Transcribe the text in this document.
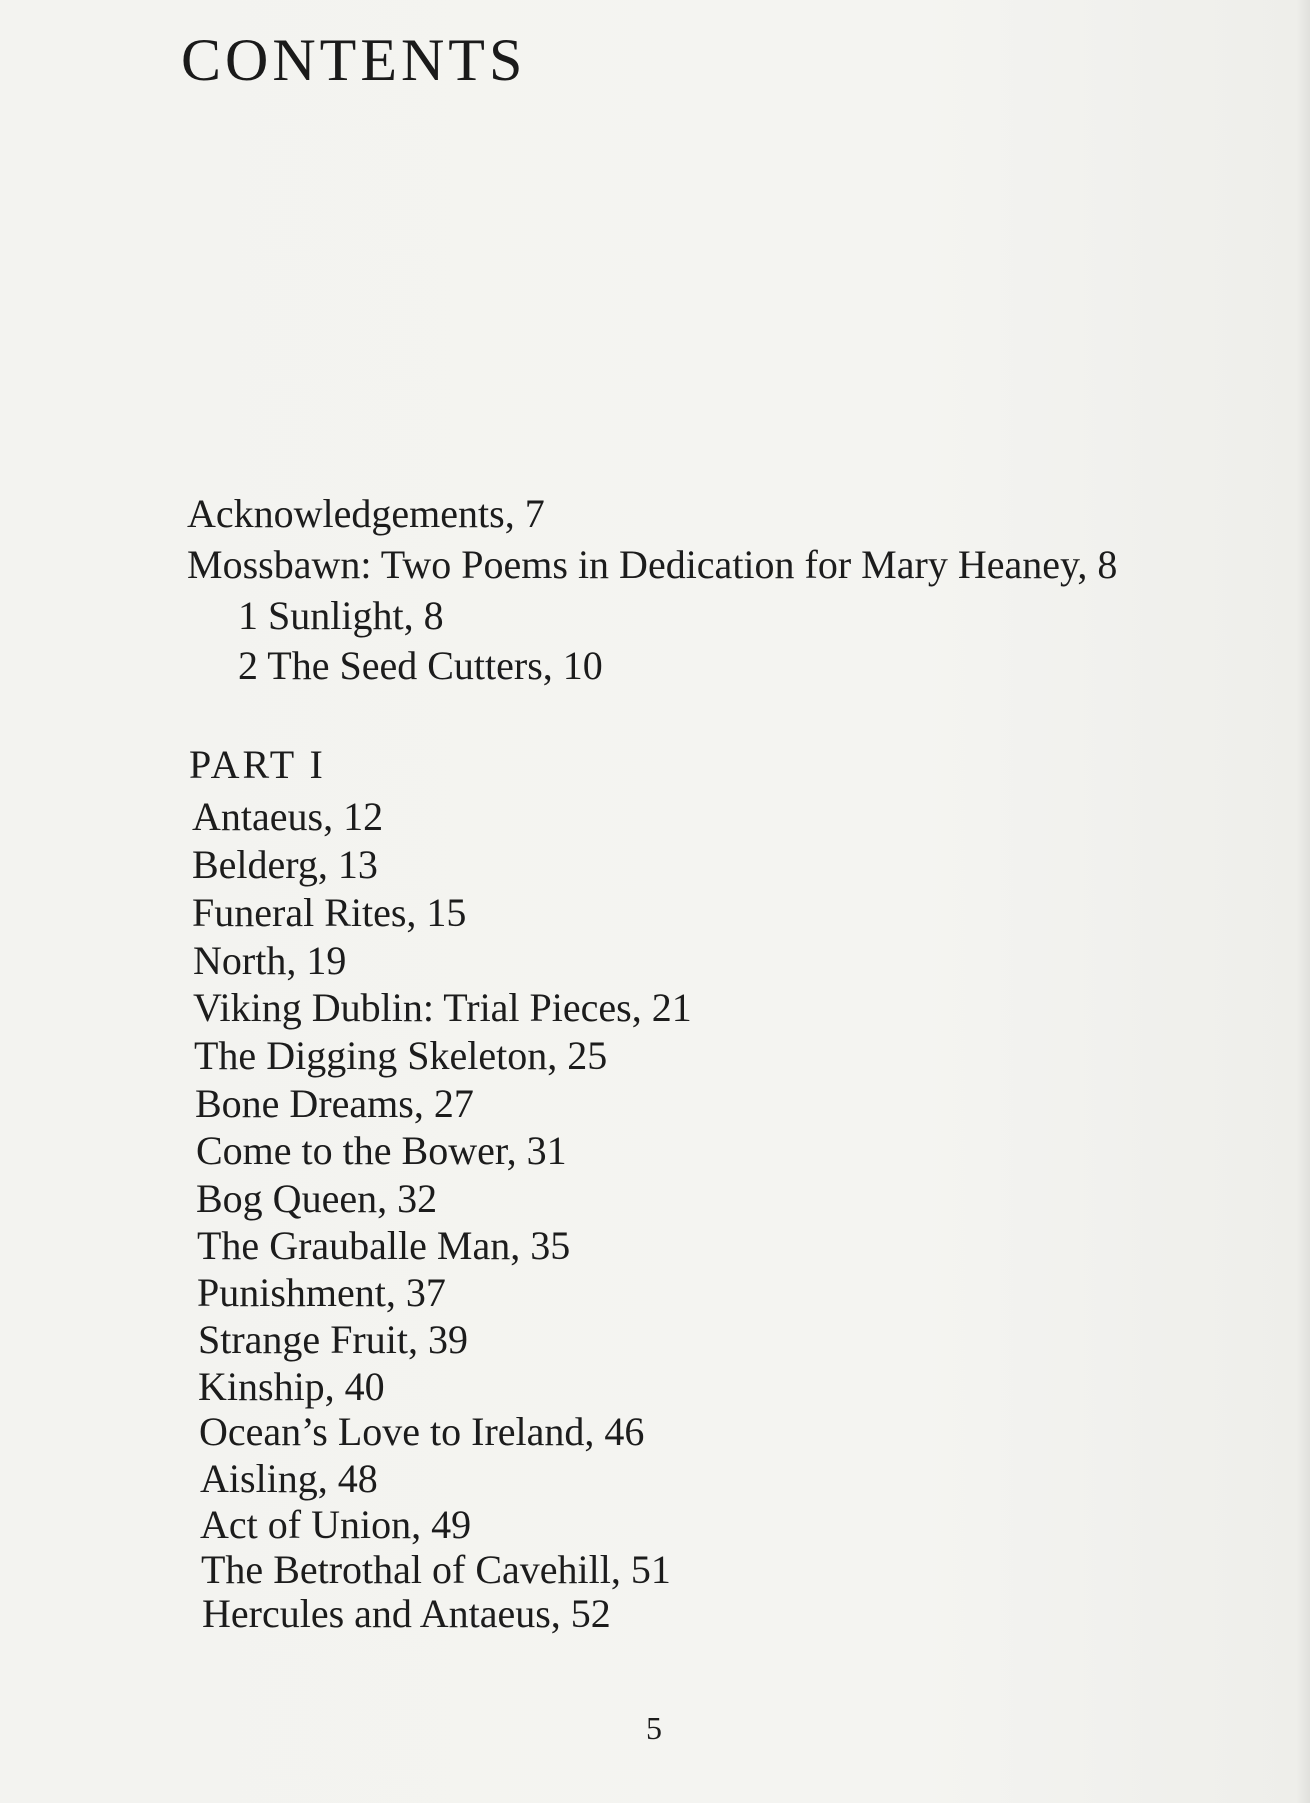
CONTENTS
Acknowledgements, 7
Mossbawn: Two Poems in Dedication for Mary Heaney, 8
1 Sunlight, 8
2 The Seed Cutters, 10
PART I
Antaeus, 12
Belderg, 13
Funeral Rites, 15
North, 19
Viking Dublin: Trial Pieces, 21
The Digging Skeleton, 25
Bone Dreams, 27
Come to the Bower, 31
Bog Queen, 32
The Grauballe Man, 35
Punishment, 37
Strange Fruit, 39
Kinship, 40
Ocean’s Love to Ireland, 46
Aisling, 48
Act of Union, 49
The Betrothal of Cavehill, 51
Hercules and Antaeus, 52
5
